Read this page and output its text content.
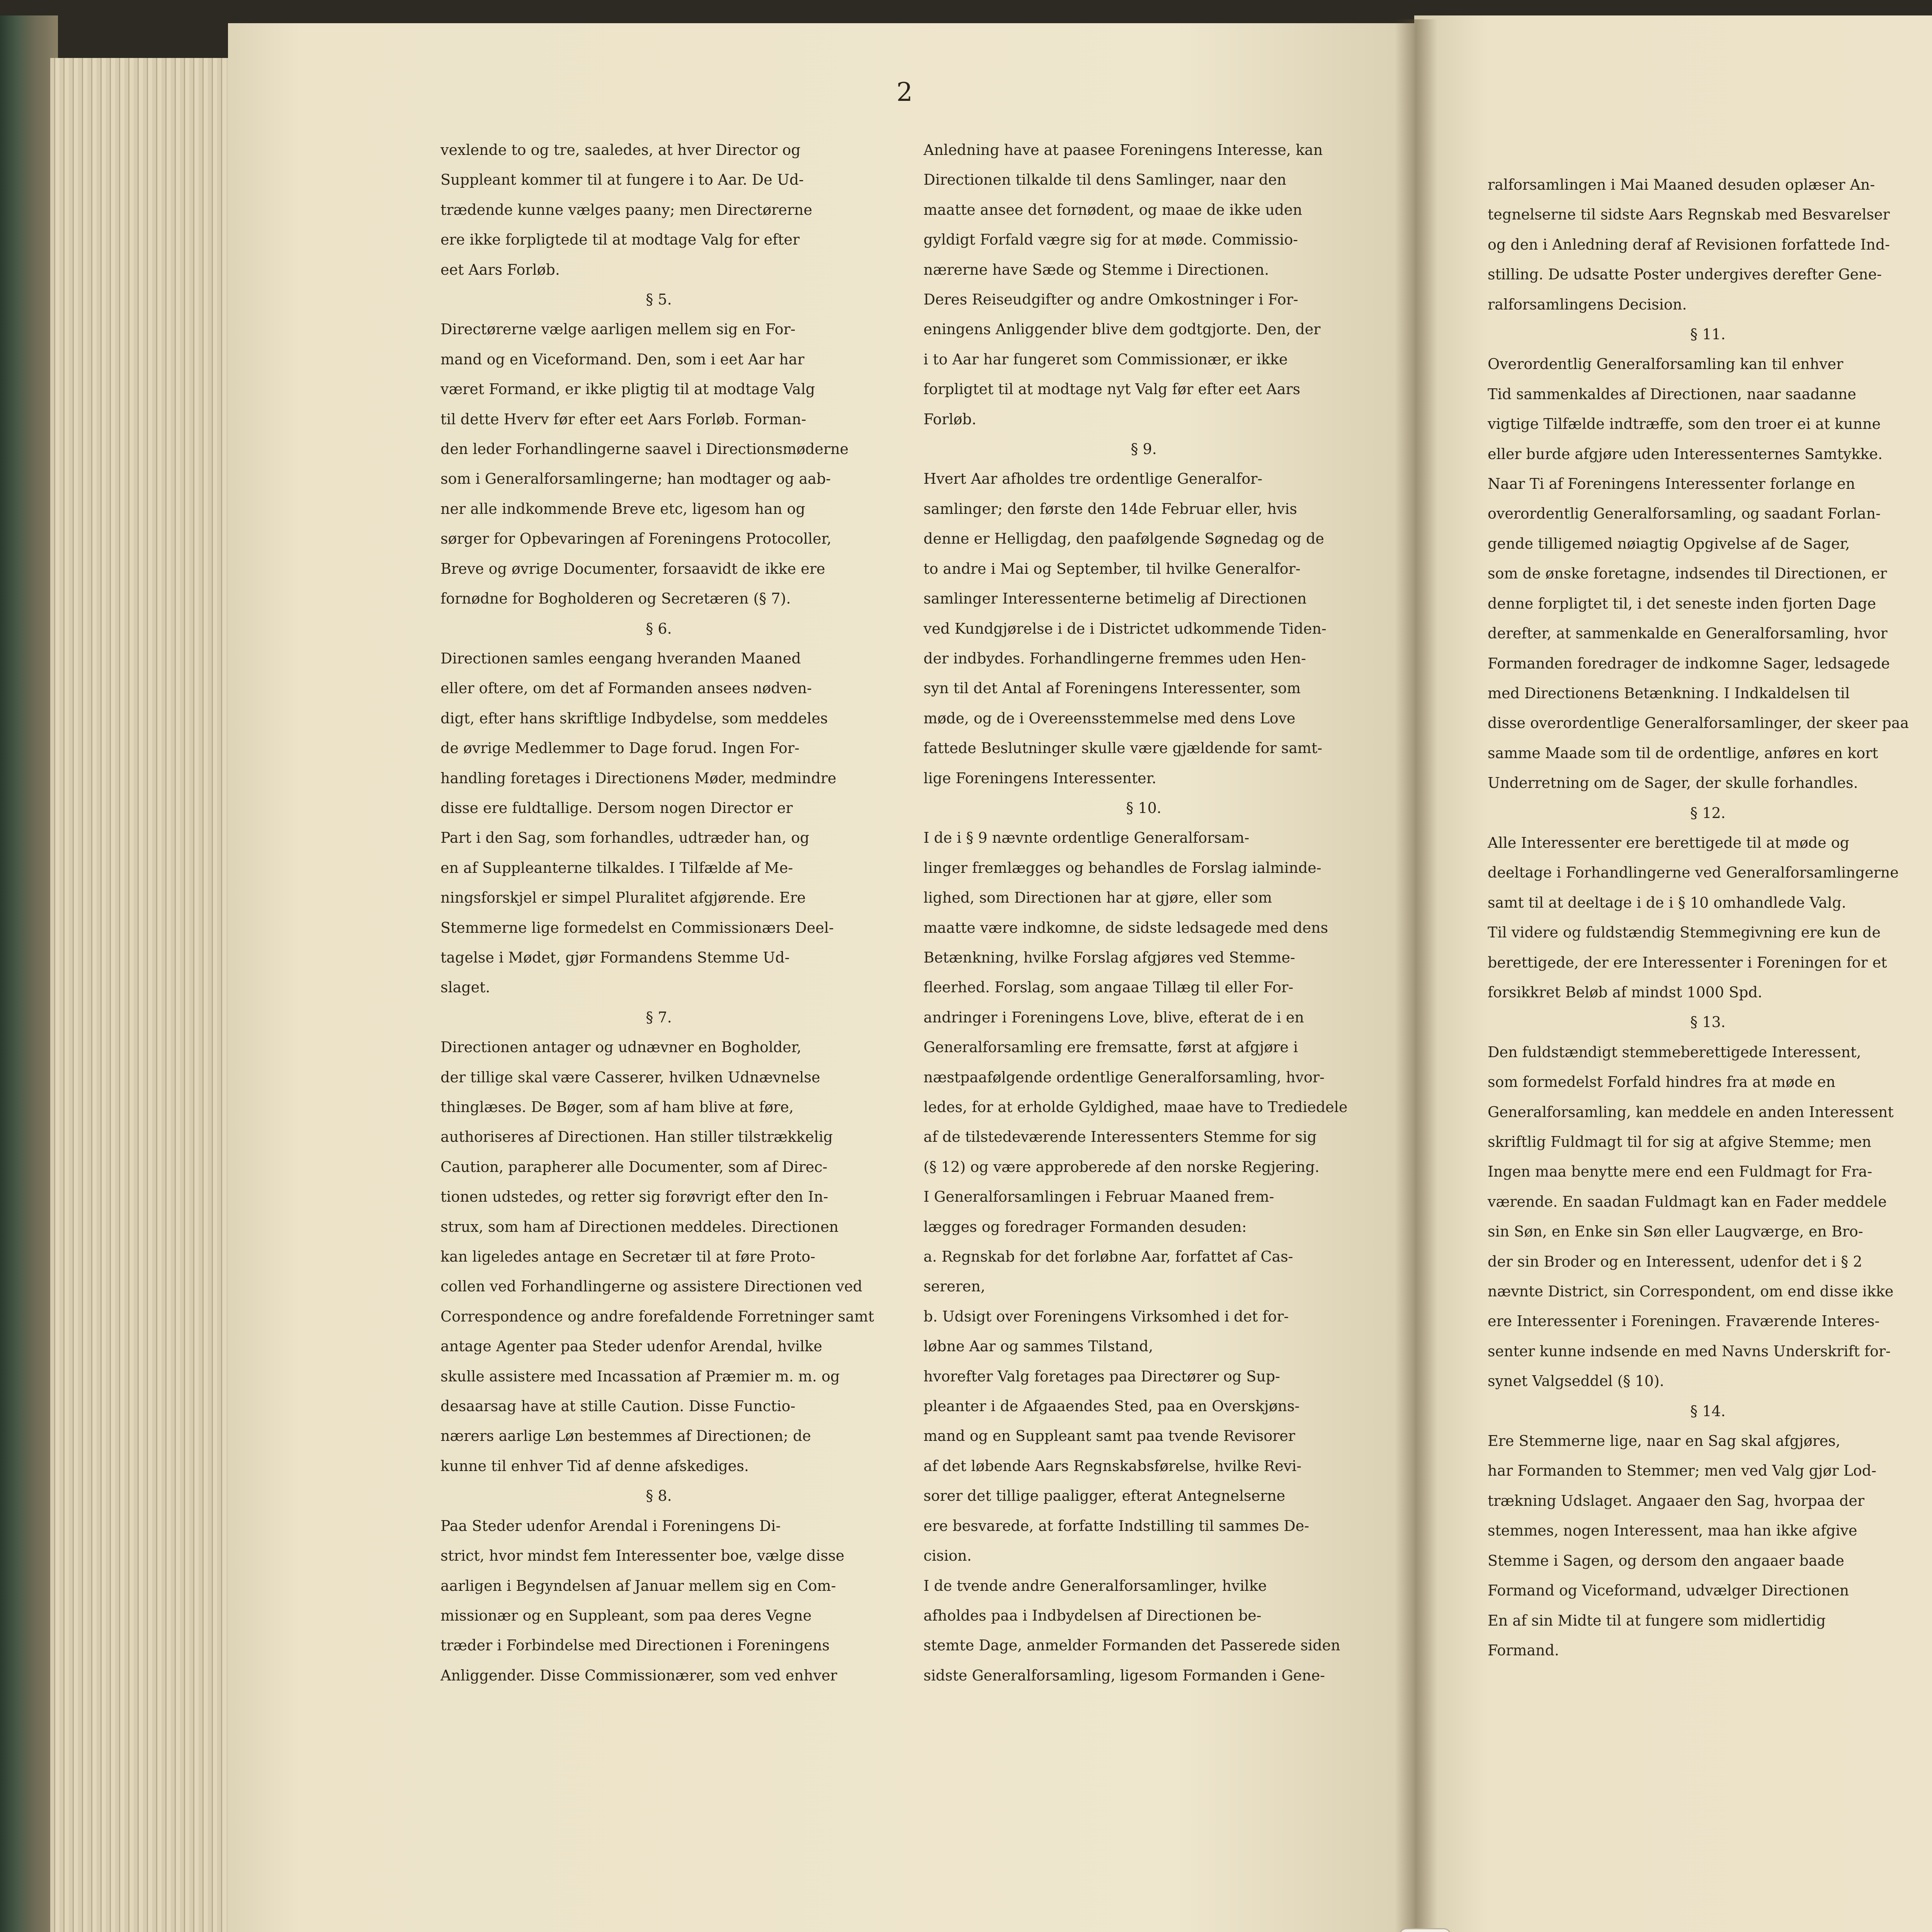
2

vexlende to og tre, saaledes, at hver Director og

Suppleant kommer til at fungere i to Aar. De Ud-

trædende kunne vælges paany; men Directørerne

ere ikke forpligtede til at modtage Valg for efter

eet Aars Forløb.

§ 5.

Directørerne vælge aarligen mellem sig en For-

mand og en Viceformand. Den, som i eet Aar har

været Formand, er ikke pligtig til at modtage Valg

til dette Hverv før efter eet Aars Forløb. Forman-

den leder Forhandlingerne saavel i Directionsmøderne

som i Generalforsamlingerne; han modtager og aab-

ner alle indkommende Breve etc, ligesom han og

sørger for Opbevaringen af Foreningens Protocoller,

Breve og øvrige Documenter, forsaavidt de ikke ere

fornødne for Bogholderen og Secretæren (§ 7).

§ 6.

Directionen samles eengang hveranden Maaned

eller oftere, om det af Formanden ansees nødven-

digt, efter hans skriftlige Indbydelse, som meddeles

de øvrige Medlemmer to Dage forud. Ingen For-

handling foretages i Directionens Møder, medmindre

disse ere fuldtallige. Dersom nogen Director er

Part i den Sag, som forhandles, udtræder han, og

en af Suppleanterne tilkaldes. I Tilfælde af Me-

ningsforskjel er simpel Pluralitet afgjørende. Ere

Stemmerne lige formedelst en Commissionærs Deel-

tagelse i Mødet, gjør Formandens Stemme Ud-

slaget.

§ 7.

Directionen antager og udnævner en Bogholder,

der tillige skal være Casserer, hvilken Udnævnelse

thinglæses. De Bøger, som af ham blive at føre,

authoriseres af Directionen. Han stiller tilstrækkelig

Caution, parapherer alle Documenter, som af Direc-

tionen udstedes, og retter sig forøvrigt efter den In-

strux, som ham af Directionen meddeles. Directionen

kan ligeledes antage en Secretær til at føre Proto-

collen ved Forhandlingerne og assistere Directionen ved

Correspondence og andre forefaldende Forretninger samt

antage Agenter paa Steder udenfor Arendal, hvilke

skulle assistere med Incassation af Præmier m. m. og

desaarsag have at stille Caution. Disse Functio-

nærers aarlige Løn bestemmes af Directionen; de

kunne til enhver Tid af denne afskediges.

§ 8.

Paa Steder udenfor Arendal i Foreningens Di-

strict, hvor mindst fem Interessenter boe, vælge disse

aarligen i Begyndelsen af Januar mellem sig en Com-

missionær og en Suppleant, som paa deres Vegne

træder i Forbindelse med Directionen i Foreningens

Anliggender. Disse Commissionærer, som ved enhver

Anledning have at paasee Foreningens Interesse, kan

Directionen tilkalde til dens Samlinger, naar den

maatte ansee det fornødent, og maae de ikke uden

gyldigt Forfald vægre sig for at møde. Commissio-

nærerne have Sæde og Stemme i Directionen.

Deres Reiseudgifter og andre Omkostninger i For-

eningens Anliggender blive dem godtgjorte. Den, der

i to Aar har fungeret som Commissionær, er ikke

forpligtet til at modtage nyt Valg før efter eet Aars

Forløb.

§ 9.

Hvert Aar afholdes tre ordentlige Generalfor-

samlinger; den første den 14de Februar eller, hvis

denne er Helligdag, den paafølgende Søgnedag og de

to andre i Mai og September, til hvilke Generalfor-

samlinger Interessenterne betimelig af Directionen

ved Kundgjørelse i de i Districtet udkommende Tiden-

der indbydes. Forhandlingerne fremmes uden Hen-

syn til det Antal af Foreningens Interessenter, som

møde, og de i Overeensstemmelse med dens Love

fattede Beslutninger skulle være gjældende for samt-

lige Foreningens Interessenter.

§ 10.

I de i § 9 nævnte ordentlige Generalforsam-

linger fremlægges og behandles de Forslag ialminde-

lighed, som Directionen har at gjøre, eller som

maatte være indkomne, de sidste ledsagede med dens

Betænkning, hvilke Forslag afgjøres ved Stemme-

fleerhed. Forslag, som angaae Tillæg til eller For-

andringer i Foreningens Love, blive, efterat de i en

Generalforsamling ere fremsatte, først at afgjøre i

næstpaafølgende ordentlige Generalforsamling, hvor-

ledes, for at erholde Gyldighed, maae have to Trediedele

af de tilstedeværende Interessenters Stemme for sig

(§ 12) og være approberede af den norske Regjering.

I Generalforsamlingen i Februar Maaned frem-

lægges og foredrager Formanden desuden:

a. Regnskab for det forløbne Aar, forfattet af Cas-

sereren,

b. Udsigt over Foreningens Virksomhed i det for-

løbne Aar og sammes Tilstand,

hvorefter Valg foretages paa Directører og Sup-

pleanter i de Afgaaendes Sted, paa en Overskjøns-

mand og en Suppleant samt paa tvende Revisorer

af det løbende Aars Regnskabsførelse, hvilke Revi-

sorer det tillige paaligger, efterat Antegnelserne

ere besvarede, at forfatte Indstilling til sammes De-

cision.

I de tvende andre Generalforsamlinger, hvilke

afholdes paa i Indbydelsen af Directionen be-

stemte Dage, anmelder Formanden det Passerede siden

sidste Generalforsamling, ligesom Formanden i Gene-

ralforsamlingen i Mai Maaned desuden oplæser An-

tegnelserne til sidste Aars Regnskab med Besvarelser

og den i Anledning deraf af Revisionen forfattede Ind-

stilling. De udsatte Poster undergives derefter Gene-

ralforsamlingens Decision.

§ 11.

Overordentlig Generalforsamling kan til enhver

Tid sammenkaldes af Directionen, naar saadanne

vigtige Tilfælde indtræffe, som den troer ei at kunne

eller burde afgjøre uden Interessenternes Samtykke.

Naar Ti af Foreningens Interessenter forlange en

overordentlig Generalforsamling, og saadant Forlan-

gende tilligemed nøiagtig Opgivelse af de Sager,

som de ønske foretagne, indsendes til Directionen, er

denne forpligtet til, i det seneste inden fjorten Dage

derefter, at sammenkalde en Generalforsamling, hvor

Formanden foredrager de indkomne Sager, ledsagede

med Directionens Betænkning. I Indkaldelsen til

disse overordentlige Generalforsamlinger, der skeer paa

samme Maade som til de ordentlige, anføres en kort

Underretning om de Sager, der skulle forhandles.

§ 12.

Alle Interessenter ere berettigede til at møde og

deeltage i Forhandlingerne ved Generalforsamlingerne

samt til at deeltage i de i § 10 omhandlede Valg.

Til videre og fuldstændig Stemmegivning ere kun de

berettigede, der ere Interessenter i Foreningen for et

forsikkret Beløb af mindst 1000 Spd.

§ 13.

Den fuldstændigt stemmeberettigede Interessent,

som formedelst Forfald hindres fra at møde en

Generalforsamling, kan meddele en anden Interessent

skriftlig Fuldmagt til for sig at afgive Stemme; men

Ingen maa benytte mere end een Fuldmagt for Fra-

værende. En saadan Fuldmagt kan en Fader meddele

sin Søn, en Enke sin Søn eller Laugværge, en Bro-

der sin Broder og en Interessent, udenfor det i § 2

nævnte District, sin Correspondent, om end disse ikke

ere Interessenter i Foreningen. Fraværende Interes-

senter kunne indsende en med Navns Underskrift for-

synet Valgseddel (§ 10).

§ 14.

Ere Stemmerne lige, naar en Sag skal afgjøres,

har Formanden to Stemmer; men ved Valg gjør Lod-

trækning Udslaget. Angaaer den Sag, hvorpaa der

stemmes, nogen Interessent, maa han ikke afgive

Stemme i Sagen, og dersom den angaaer baade

Formand og Viceformand, udvælger Directionen

En af sin Midte til at fungere som midlertidig

Formand.
